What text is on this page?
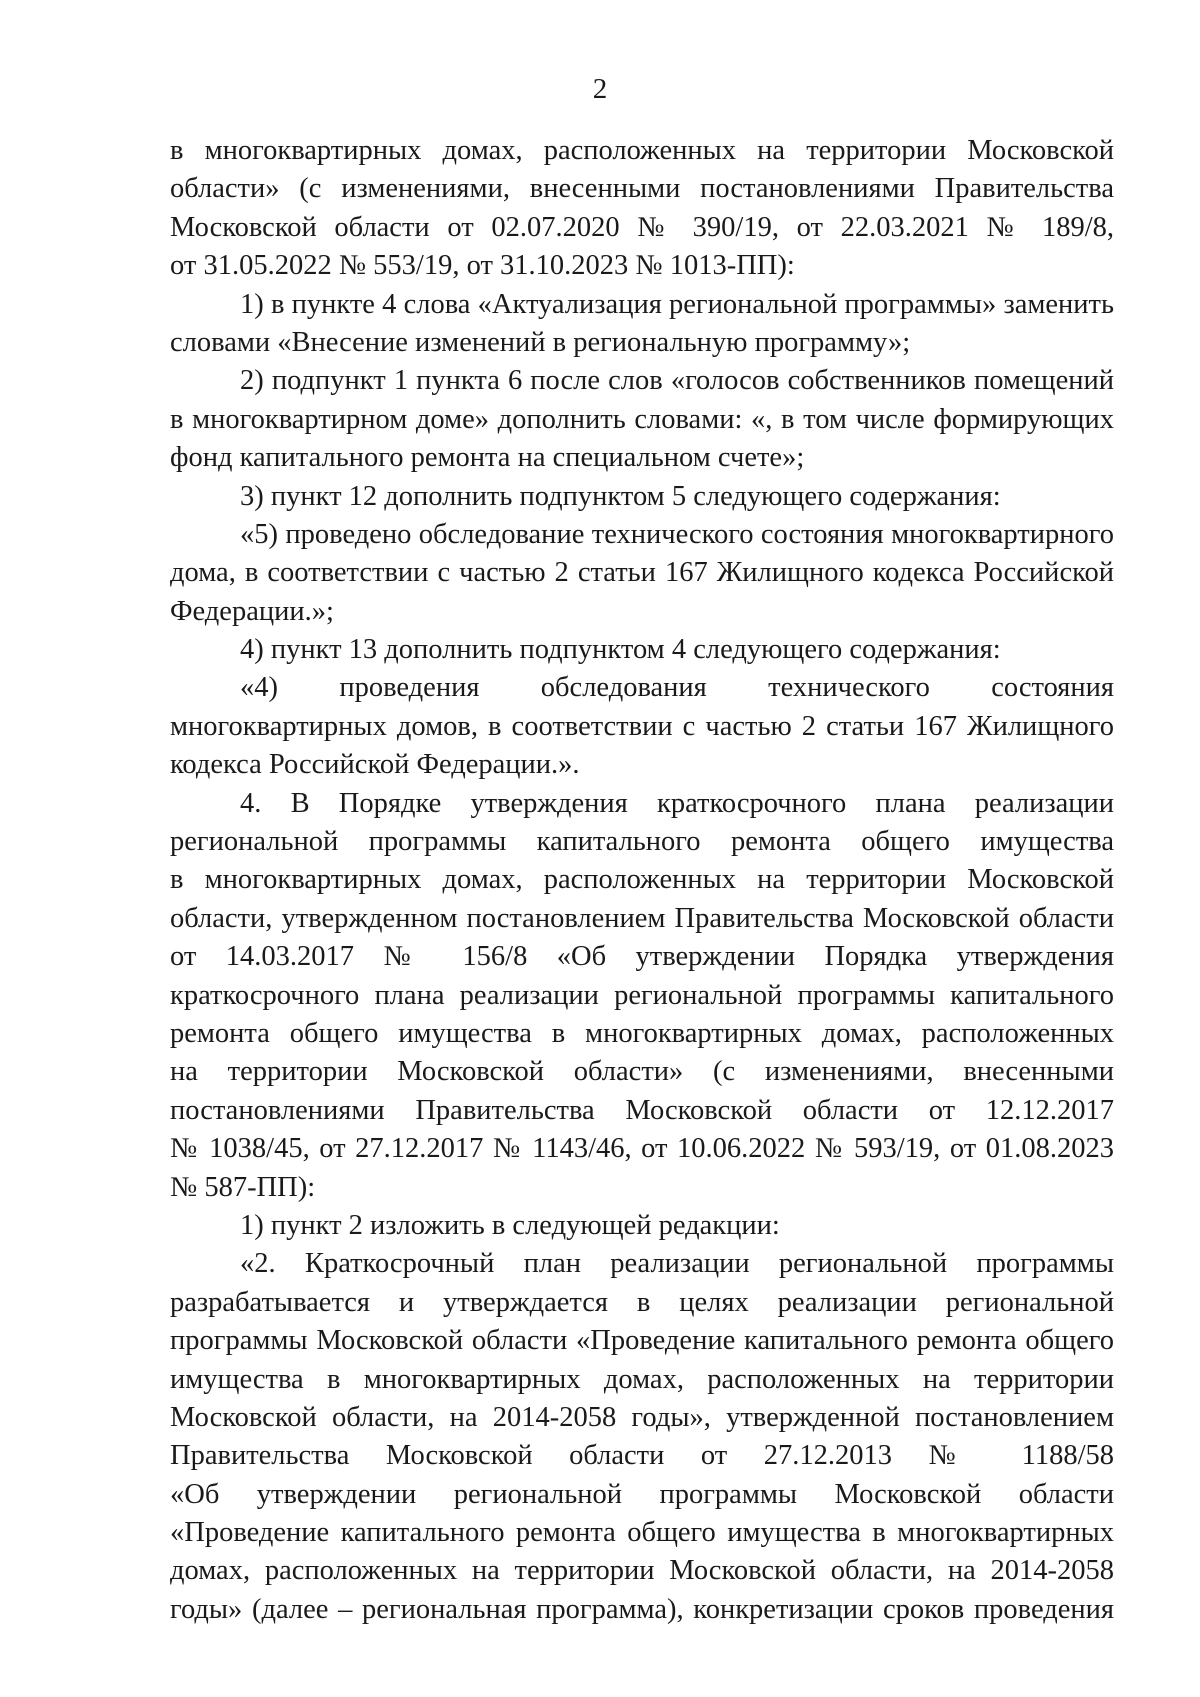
2
в многоквартирных домах, расположенных на территории Московской
области» (с изменениями, внесенными постановлениями Правительства
Московской области от 02.07.2020 № 390/19, от 22.03.2021 № 189/8,
от 31.05.2022 № 553/19, от 31.10.2023 № 1013-ПП):
1) в пункте 4 слова «Актуализация региональной программы» заменить
словами «Внесение изменений в региональную программу»;
2) подпункт 1 пункта 6 после слов «голосов собственников помещений
в многоквартирном доме» дополнить словами: «, в том числе формирующих
фонд капитального ремонта на специальном счете»;
3) пункт 12 дополнить подпунктом 5 следующего содержания:
«5) проведено обследование технического состояния многоквартирного
дома, в соответствии с частью 2 статьи 167 Жилищного кодекса Российской
Федерации.»;
4) пункт 13 дополнить подпунктом 4 следующего содержания:
«4) проведения обследования технического состояния
многоквартирных домов, в соответствии с частью 2 статьи 167 Жилищного
кодекса Российской Федерации.».
4. В Порядке утверждения краткосрочного плана реализации
региональной программы капитального ремонта общего имущества
в многоквартирных домах, расположенных на территории Московской
области, утвержденном постановлением Правительства Московской области
от 14.03.2017 № 156/8 «Об утверждении Порядка утверждения
краткосрочного плана реализации региональной программы капитального
ремонта общего имущества в многоквартирных домах, расположенных
на территории Московской области» (с изменениями, внесенными
постановлениями Правительства Московской области от 12.12.2017
№ 1038/45, от 27.12.2017 № 1143/46, от 10.06.2022 № 593/19, от 01.08.2023
№ 587-ПП):
1) пункт 2 изложить в следующей редакции:
«2. Краткосрочный план реализации региональной программы
разрабатывается и утверждается в целях реализации региональной
программы Московской области «Проведение капитального ремонта общего
имущества в многоквартирных домах, расположенных на территории
Московской области, на 2014-2058 годы», утвержденной постановлением
Правительства Московской области от 27.12.2013 № 1188/58
«Об утверждении региональной программы Московской области
«Проведение капитального ремонта общего имущества в многоквартирных
домах, расположенных на территории Московской области, на 2014-2058
годы» (далее – региональная программа), конкретизации сроков проведения
